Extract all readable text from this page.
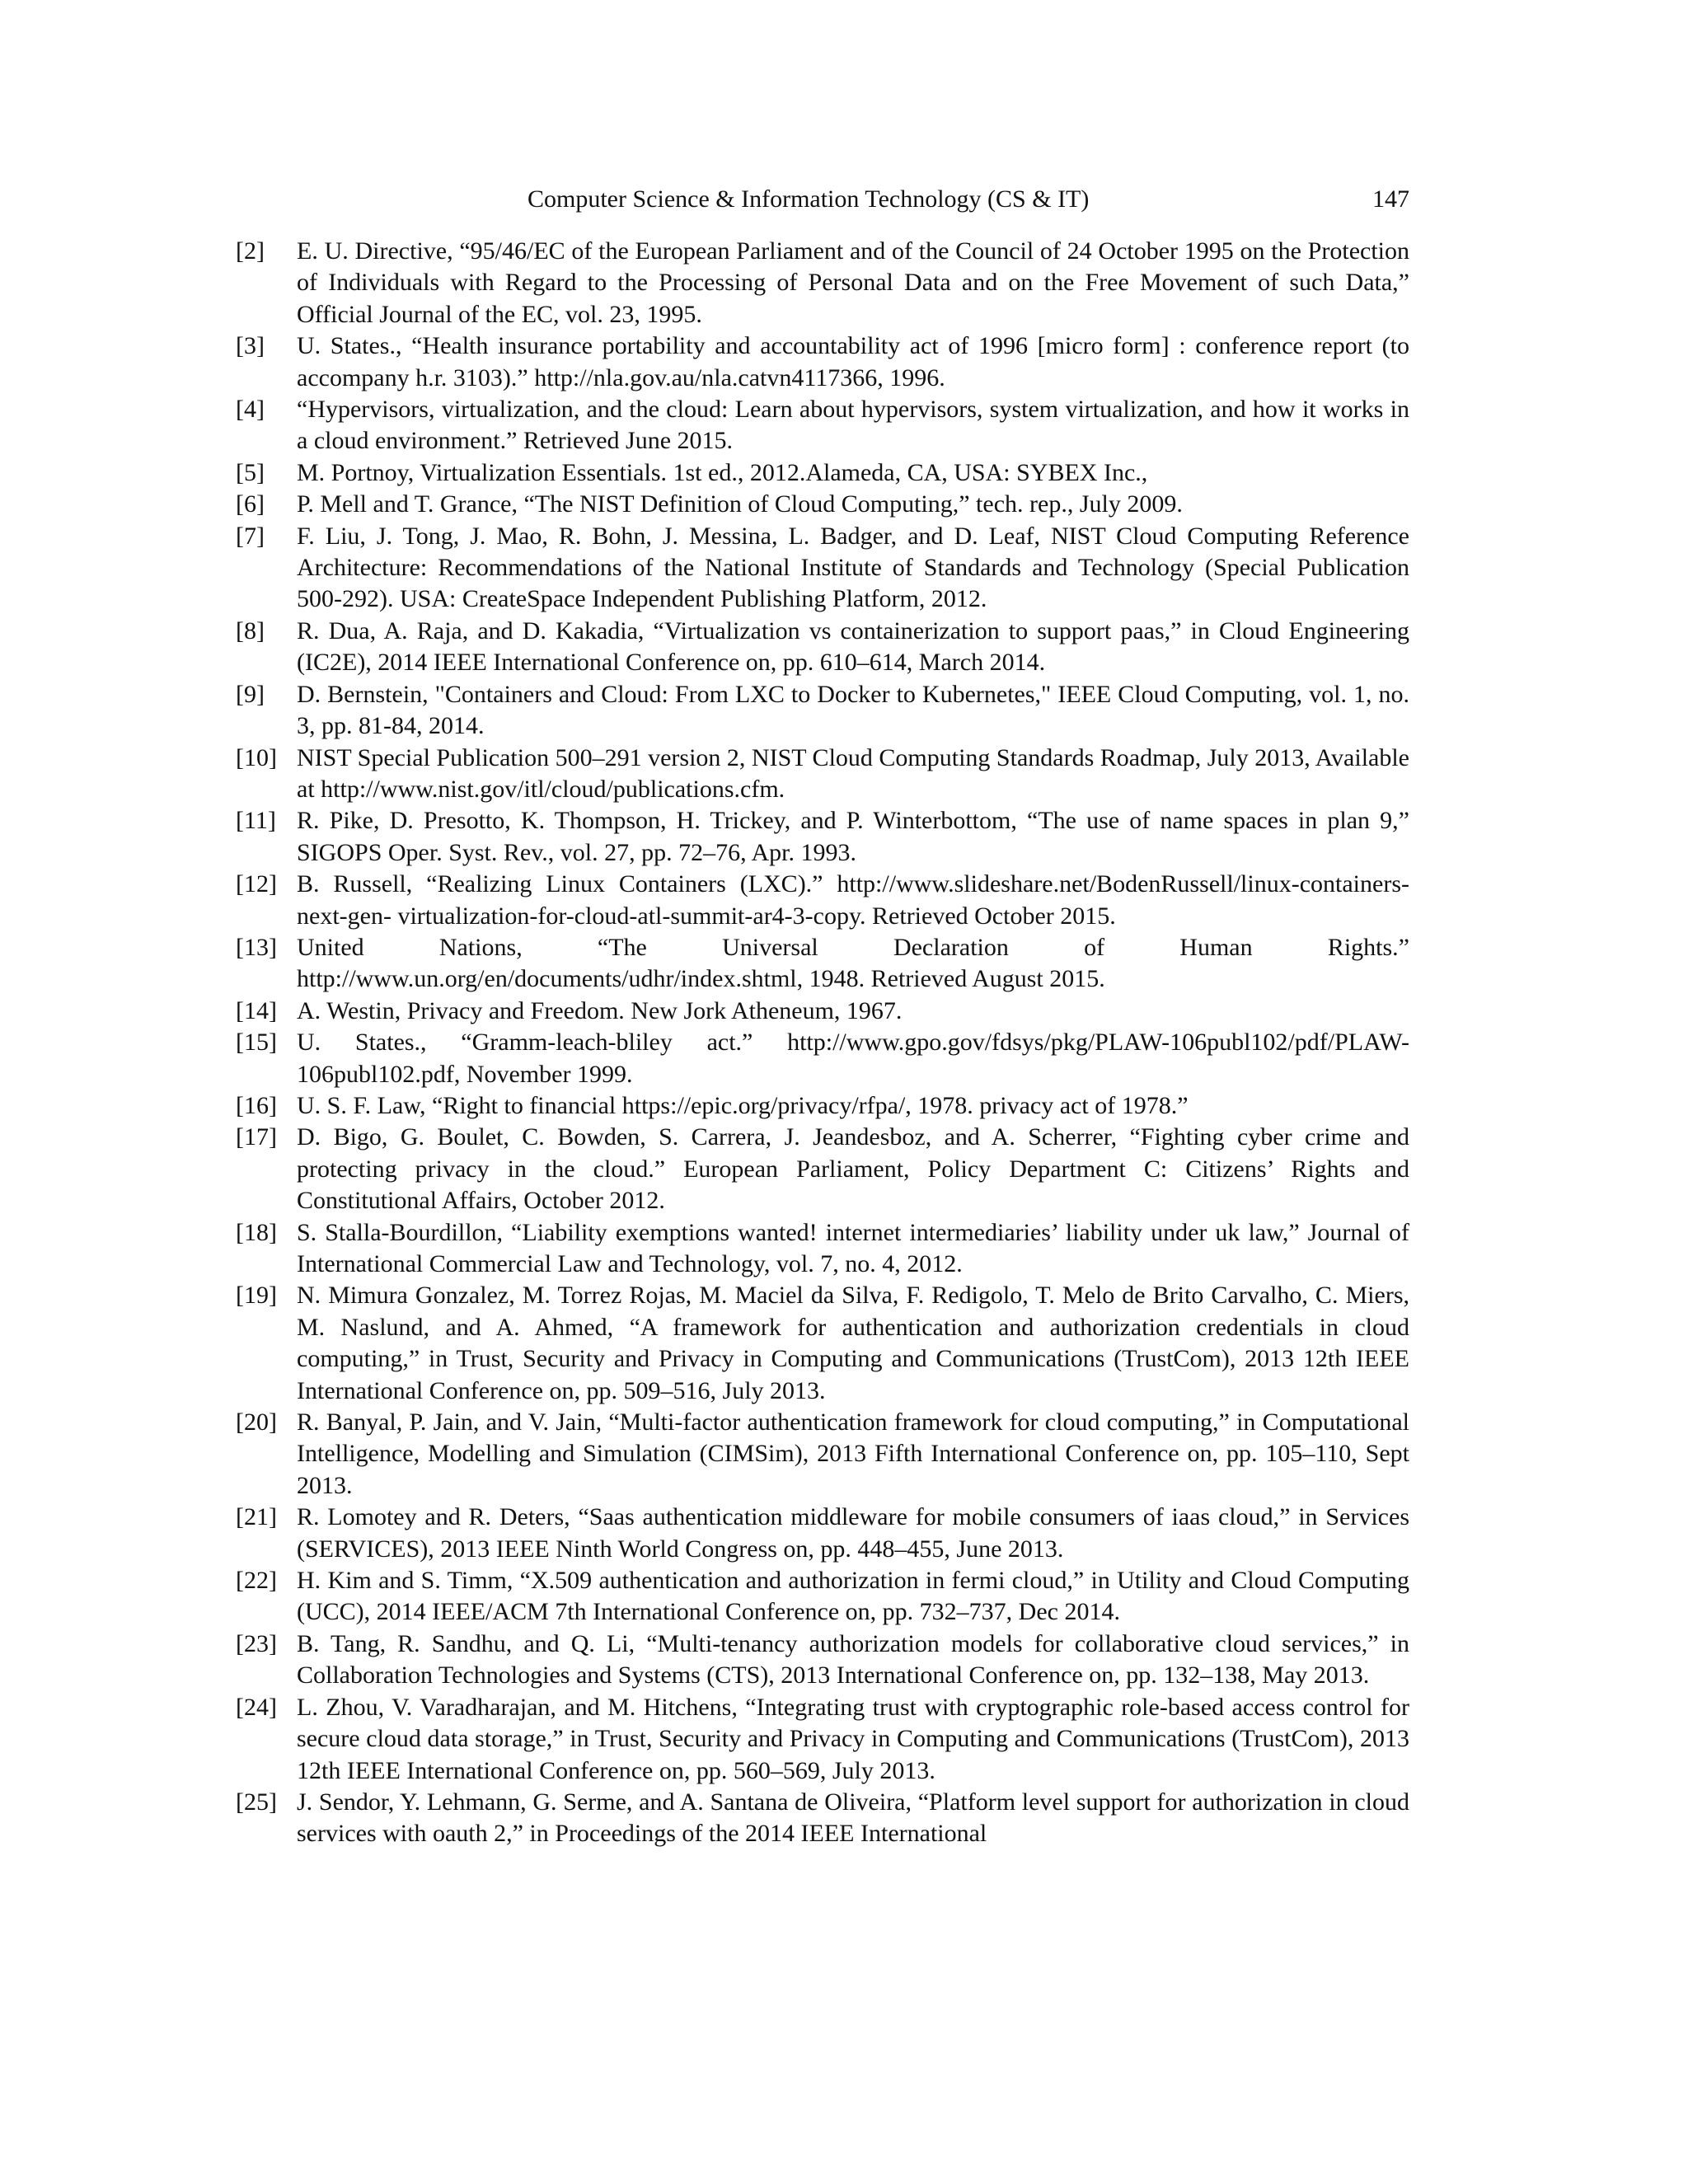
Computer Science & Information Technology (CS & IT)	147
[2]	E. U. Directive, “95/46/EC of the European Parliament and of the Council of 24 October 1995 on the Protection of Individuals with Regard to the Processing of Personal Data and on the Free Movement of such Data,” Official Journal of the EC, vol. 23, 1995.
[3]	U. States., “Health insurance portability and accountability act of 1996 [micro form] : conference report (to accompany h.r. 3103).” http://nla.gov.au/nla.catvn4117366, 1996.
[4]	“Hypervisors, virtualization, and the cloud: Learn about hypervisors, system virtualization, and how it works in a cloud environment.” Retrieved June 2015.
[5]	M. Portnoy, Virtualization Essentials. 1st ed., 2012.Alameda, CA, USA: SYBEX Inc.,
[6]	P. Mell and T. Grance, “The NIST Definition of Cloud Computing,” tech. rep., July 2009.
[7]	F. Liu, J. Tong, J. Mao, R. Bohn, J. Messina, L. Badger, and D. Leaf, NIST Cloud Computing Reference Architecture: Recommendations of the National Institute of Standards and Technology (Special Publication 500-292). USA: CreateSpace Independent Publishing Platform, 2012.
[8]	R. Dua, A. Raja, and D. Kakadia, “Virtualization vs containerization to support paas,” in Cloud Engineering (IC2E), 2014 IEEE International Conference on, pp. 610–614, March 2014.
[9]	D. Bernstein, "Containers and Cloud: From LXC to Docker to Kubernetes," IEEE Cloud Computing, vol. 1, no. 3, pp. 81-84, 2014.
[10] NIST Special Publication 500–291 version 2, NIST Cloud Computing Standards Roadmap, July 2013, Available at http://www.nist.gov/itl/cloud/publications.cfm.
[11] R. Pike, D. Presotto, K. Thompson, H. Trickey, and P. Winterbottom, “The use of name spaces in plan 9,” SIGOPS Oper. Syst. Rev., vol. 27, pp. 72–76, Apr. 1993.
[12] B. Russell, “Realizing Linux Containers (LXC).” http://www.slideshare.net/BodenRussell/linux-containers-next-gen- virtualization-for-cloud-atl-summit-ar4-3-copy. Retrieved October 2015.
[13] United Nations, “The Universal Declaration of Human Rights.” http://www.un.org/en/documents/udhr/index.shtml, 1948. Retrieved August 2015.
[14] A. Westin, Privacy and Freedom. New Jork Atheneum, 1967.
[15] U. States., “Gramm-leach-bliley act.” http://www.gpo.gov/fdsys/pkg/PLAW-106publ102/pdf/PLAW-106publ102.pdf, November 1999.
[16] U. S. F. Law, “Right to financial https://epic.org/privacy/rfpa/, 1978. privacy act of 1978.”
[17] D. Bigo, G. Boulet, C. Bowden, S. Carrera, J. Jeandesboz, and A. Scherrer, “Fighting cyber crime and protecting privacy in the cloud.” European Parliament, Policy Department C: Citizens’ Rights and Constitutional Affairs, October 2012.
[18] S. Stalla-Bourdillon, “Liability exemptions wanted! internet intermediaries’ liability under uk law,” Journal of International Commercial Law and Technology, vol. 7, no. 4, 2012.
[19] N. Mimura Gonzalez, M. Torrez Rojas, M. Maciel da Silva, F. Redigolo, T. Melo de Brito Carvalho, C. Miers, M. Naslund, and A. Ahmed, “A framework for authentication and authorization credentials in cloud computing,” in Trust, Security and Privacy in Computing and Communications (TrustCom), 2013 12th IEEE International Conference on, pp. 509–516, July 2013.
[20] R. Banyal, P. Jain, and V. Jain, “Multi-factor authentication framework for cloud computing,” in Computational Intelligence, Modelling and Simulation (CIMSim), 2013 Fifth International Conference on, pp. 105–110, Sept 2013.
[21] R. Lomotey and R. Deters, “Saas authentication middleware for mobile consumers of iaas cloud,” in Services (SERVICES), 2013 IEEE Ninth World Congress on, pp. 448–455, June 2013.
[22] H. Kim and S. Timm, “X.509 authentication and authorization in fermi cloud,” in Utility and Cloud Computing (UCC), 2014 IEEE/ACM 7th International Conference on, pp. 732–737, Dec 2014.
[23] B. Tang, R. Sandhu, and Q. Li, “Multi-tenancy authorization models for collaborative cloud services,” in Collaboration Technologies and Systems (CTS), 2013 International Conference on, pp. 132–138, May 2013.
[24] L. Zhou, V. Varadharajan, and M. Hitchens, “Integrating trust with cryptographic role-based access control for secure cloud data storage,” in Trust, Security and Privacy in Computing and Communications (TrustCom), 2013 12th IEEE International Conference on, pp. 560–569, July 2013.
[25] J. Sendor, Y. Lehmann, G. Serme, and A. Santana de Oliveira, “Platform level support for authorization in cloud services with oauth 2,” in Proceedings of the 2014 IEEE International
